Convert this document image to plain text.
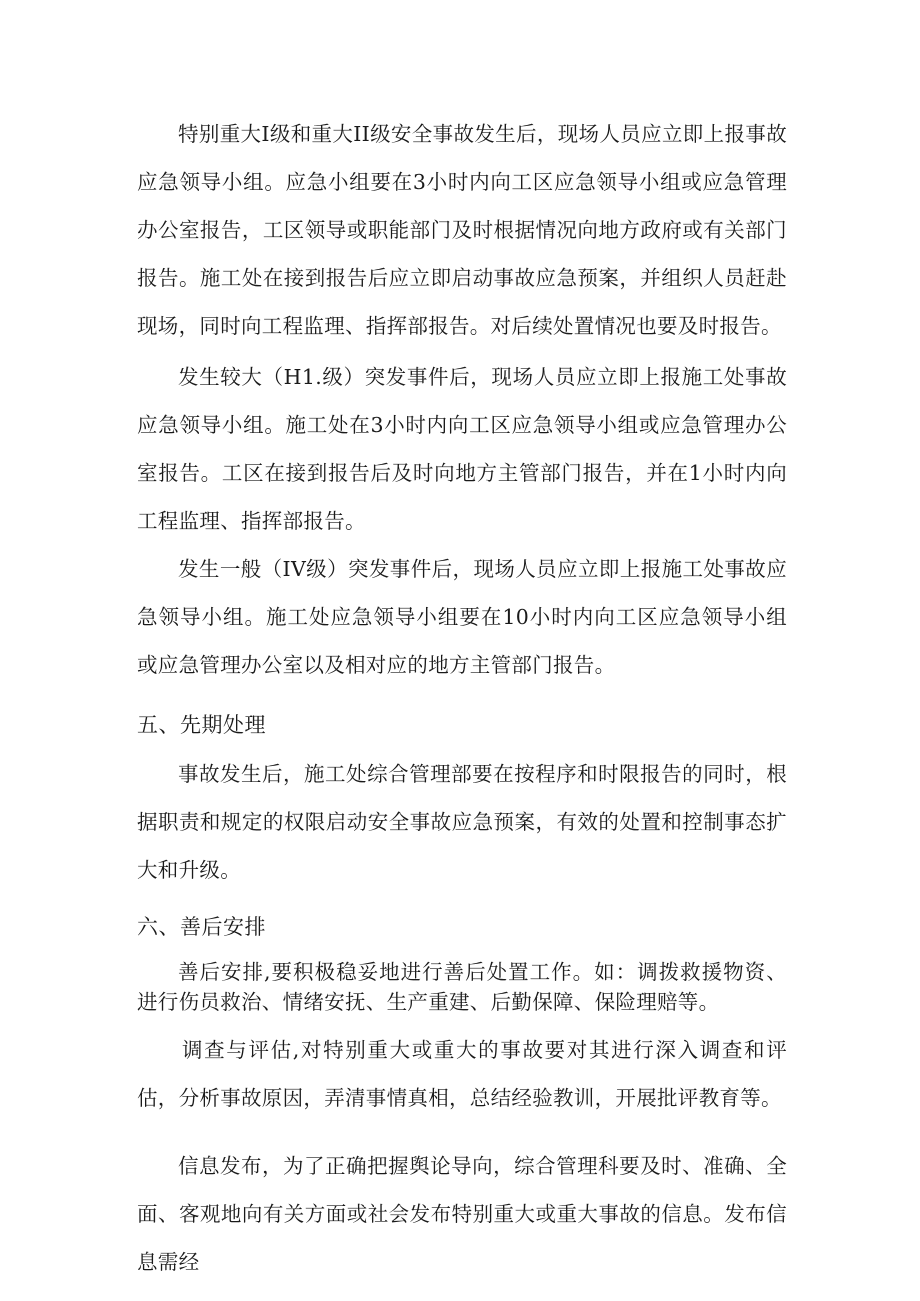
特别重大I级和重大II级安全事故发生后，现场人员应立即上报事故应急领导小组。应急小组要在3小时内向工区应急领导小组或应急管理办公室报告，工区领导或职能部门及时根据情况向地方政府或有关部门报告。施工处在接到报告后应立即启动事故应急预案，并组织人员赶赴现场，同时向工程监理、指挥部报告。对后续处置情况也要及时报告。

发生较大（H1.级）突发事件后，现场人员应立即上报施工处事故应急领导小组。施工处在3小时内向工区应急领导小组或应急管理办公室报告。工区在接到报告后及时向地方主管部门报告，并在1小时内向工程监理、指挥部报告。

发生一般（IV级）突发事件后，现场人员应立即上报施工处事故应急领导小组。施工处应急领导小组要在10小时内向工区应急领导小组或应急管理办公室以及相对应的地方主管部门报告。

五、先期处理

事故发生后，施工处综合管理部要在按程序和时限报告的同时，根据职责和规定的权限启动安全事故应急预案，有效的处置和控制事态扩大和升级。

六、善后安排

善后安排,要积极稳妥地进行善后处置工作。如：调拨救援物资、进行伤员救治、情绪安抚、生产重建、后勤保障、保险理赔等。

调查与评估,对特别重大或重大的事故要对其进行深入调查和评估，分析事故原因，弄清事情真相，总结经验教训，开展批评教育等。

信息发布，为了正确把握舆论导向，综合管理科要及时、准确、全面、客观地向有关方面或社会发布特别重大或重大事故的信息。发布信息需经
